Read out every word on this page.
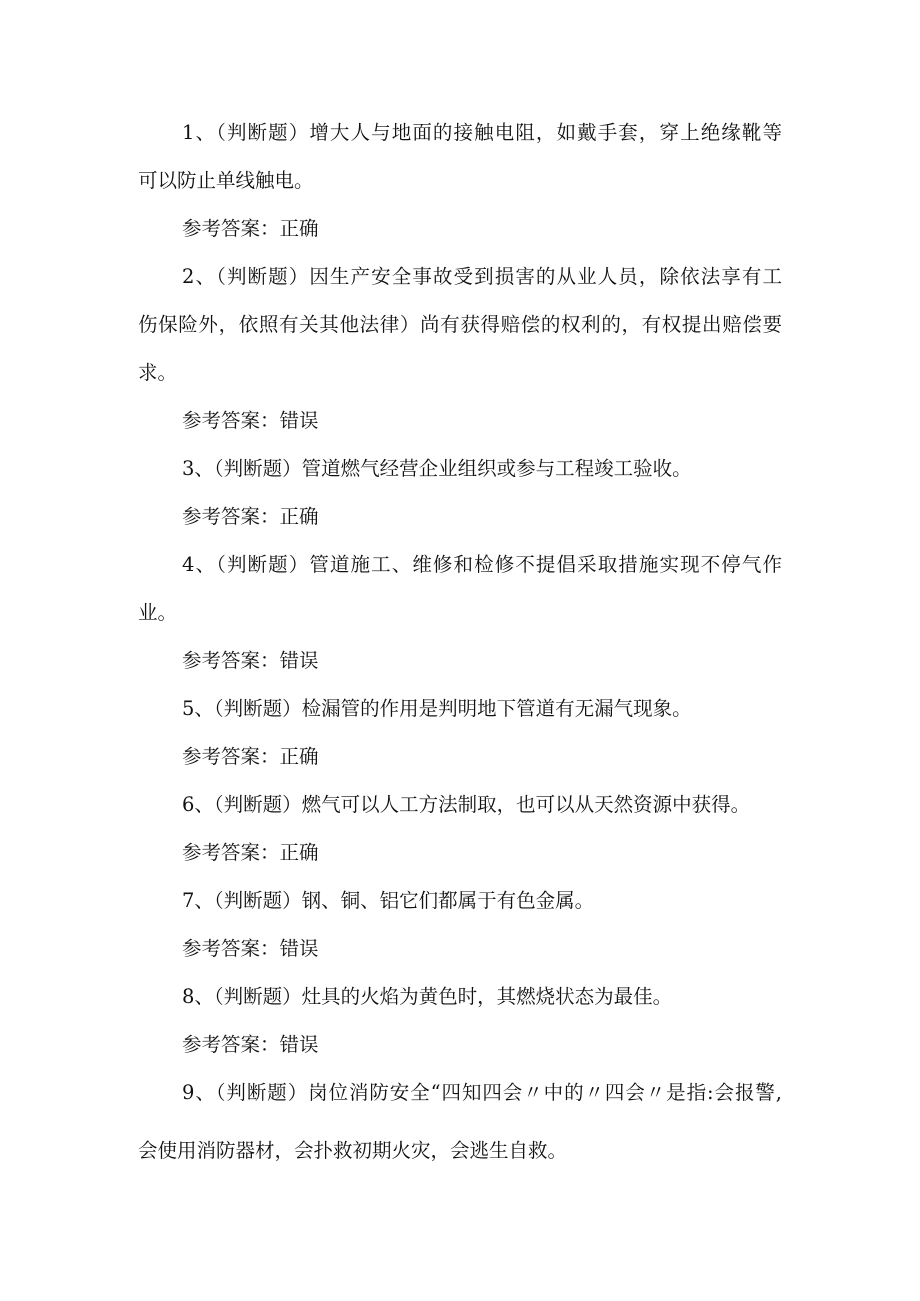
1、（判断题）增大人与地面的接触电阻，如戴手套，穿上绝缘靴等
可以防止单线触电。
参考答案：正确
2、（判断题）因生产安全事故受到损害的从业人员，除依法享有工
伤保险外，依照有关其他法律）尚有获得赔偿的权利的，有权提出赔偿要
求。
参考答案：错误
3、（判断题）管道燃气经营企业组织或参与工程竣工验收。
参考答案：正确
4、（判断题）管道施工、维修和检修不提倡采取措施实现不停气作
业。
参考答案：错误
5、（判断题）检漏管的作用是判明地下管道有无漏气现象。
参考答案：正确
6、（判断题）燃气可以人工方法制取，也可以从天然资源中获得。
参考答案：正确
7、（判断题）钢、铜、铝它们都属于有色金属。
参考答案：错误
8、（判断题）灶具的火焰为黄色时，其燃烧状态为最佳。
参考答案：错误
9、（判断题）岗位消防安全“四知四会〃中的〃四会〃是指:会报警,
会使用消防器材，会扑救初期火灾，会逃生自救。
